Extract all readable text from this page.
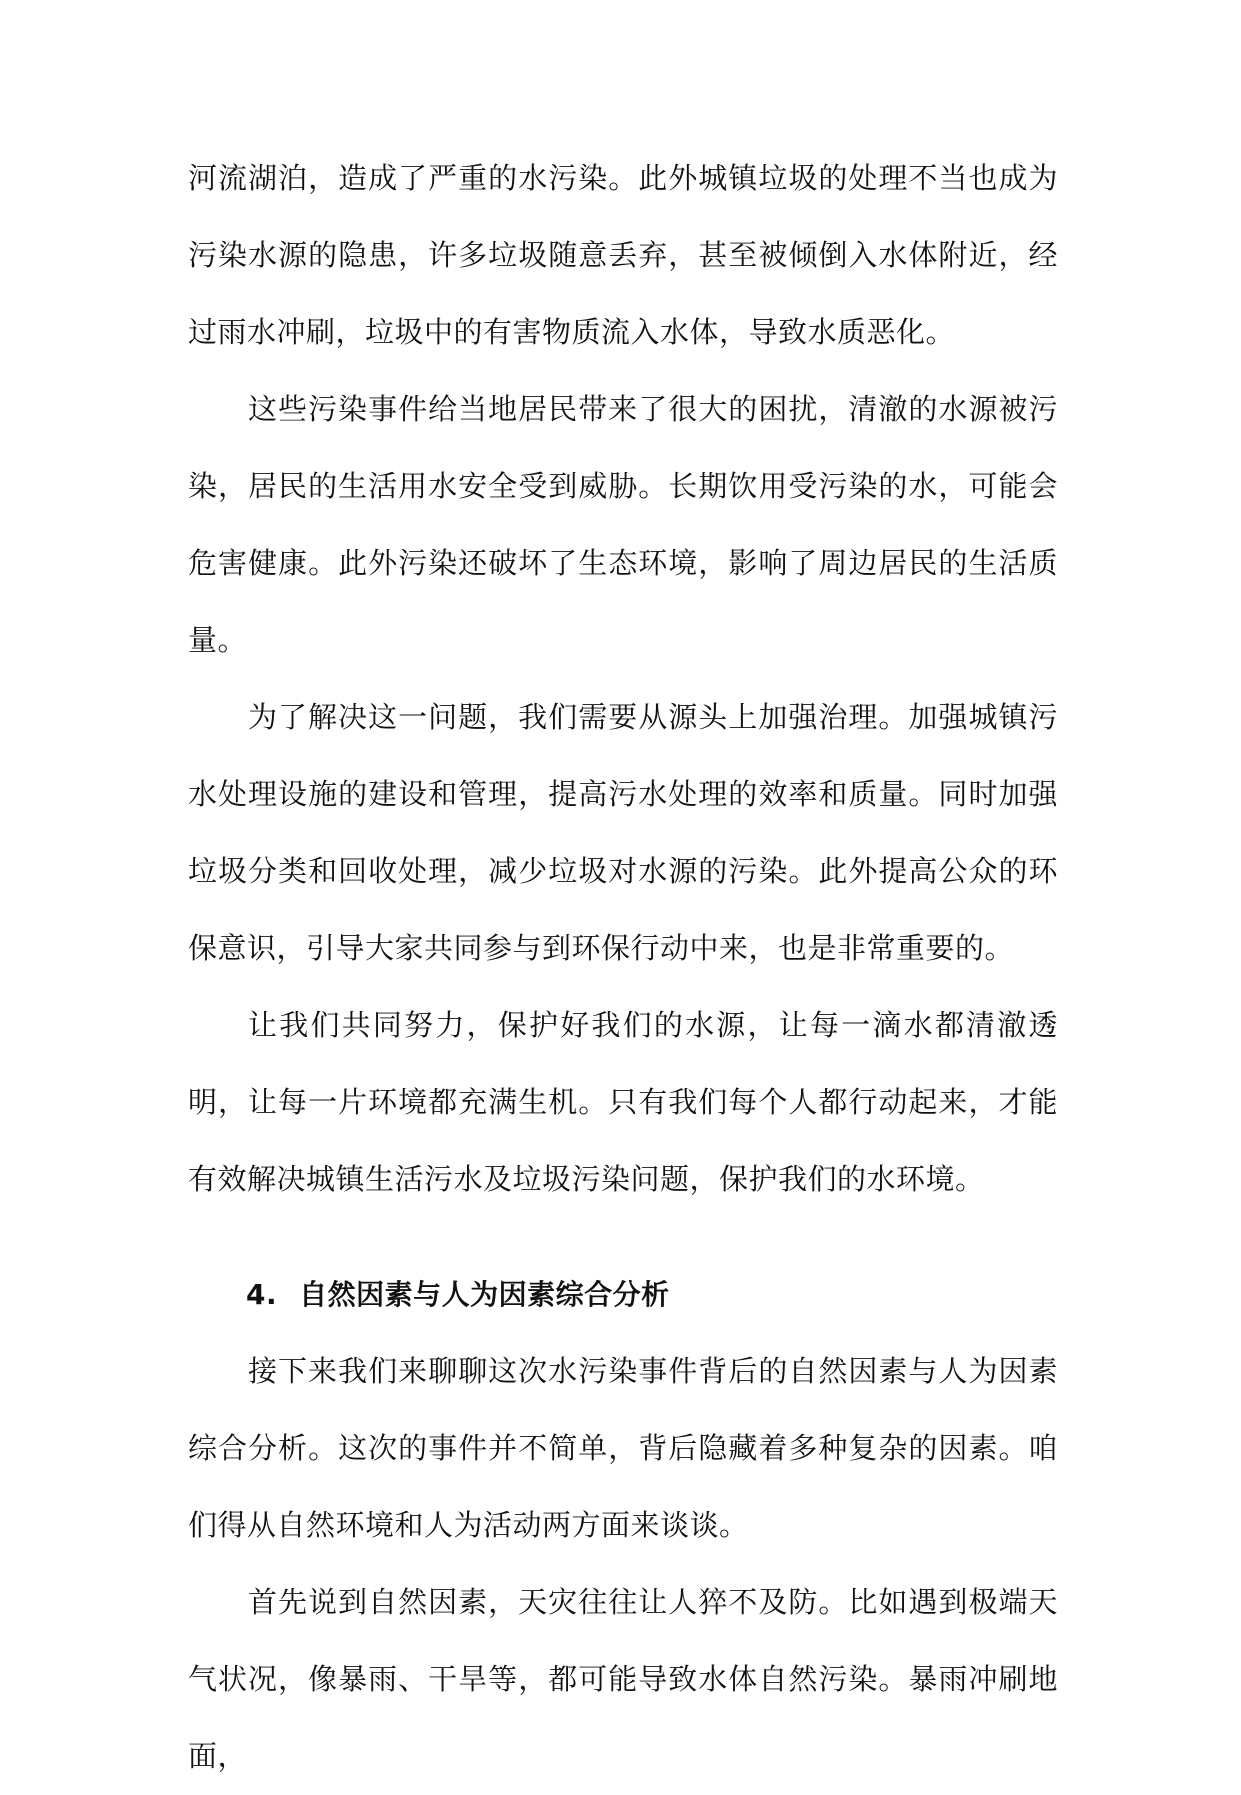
河流湖泊，造成了严重的水污染。此外城镇垃圾的处理不当也成为污染水源的隐患，许多垃圾随意丢弃，甚至被倾倒入水体附近，经过雨水冲刷，垃圾中的有害物质流入水体，导致水质恶化。

这些污染事件给当地居民带来了很大的困扰，清澈的水源被污染，居民的生活用水安全受到威胁。长期饮用受污染的水，可能会危害健康。此外污染还破坏了生态环境，影响了周边居民的生活质量。

为了解决这一问题，我们需要从源头上加强治理。加强城镇污水处理设施的建设和管理，提高污水处理的效率和质量。同时加强垃圾分类和回收处理，减少垃圾对水源的污染。此外提高公众的环保意识，引导大家共同参与到环保行动中来，也是非常重要的。

让我们共同努力，保护好我们的水源，让每一滴水都清澈透明，让每一片环境都充满生机。只有我们每个人都行动起来，才能有效解决城镇生活污水及垃圾污染问题，保护我们的水环境。

4. 自然因素与人为因素综合分析

接下来我们来聊聊这次水污染事件背后的自然因素与人为因素综合分析。这次的事件并不简单，背后隐藏着多种复杂的因素。咱们得从自然环境和人为活动两方面来谈谈。

首先说到自然因素，天灾往往让人猝不及防。比如遇到极端天气状况，像暴雨、干旱等，都可能导致水体自然污染。暴雨冲刷地面，
